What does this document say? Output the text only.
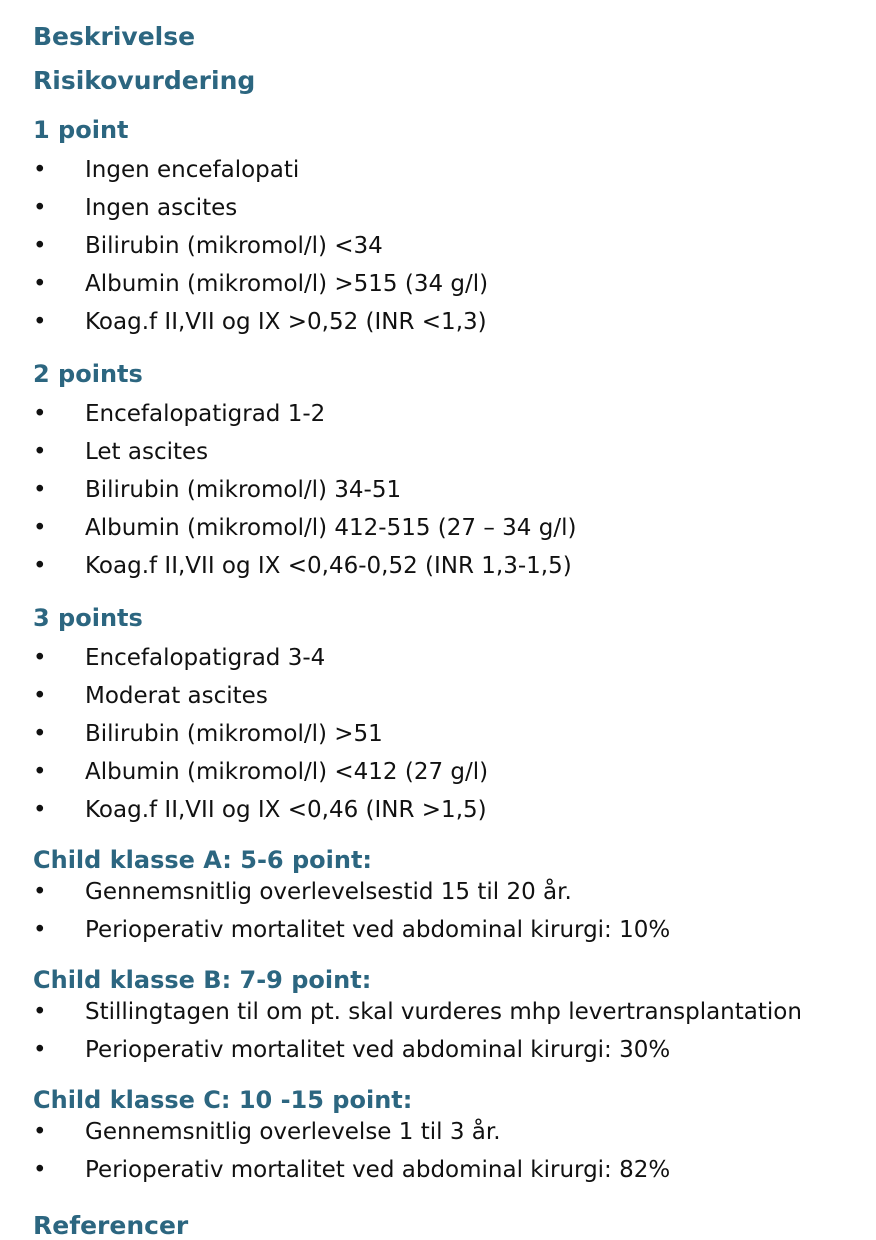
Beskrivelse
Risikovurdering
1 point
•	Ingen encefalopati
•	Ingen ascites
•	Bilirubin (mikromol/l) <34
•	Albumin (mikromol/l) >515 (34 g/l)
•	Koag.f II,VII og IX >0,52 (INR <1,3)
2 points
•	Encefalopatigrad 1-2
•	Let ascites
•	Bilirubin (mikromol/l) 34-51
•	Albumin (mikromol/l) 412-515 (27 – 34 g/l)
•	Koag.f II,VII og IX <0,46-0,52 (INR 1,3-1,5)
3 points
•	Encefalopatigrad 3-4
•	Moderat ascites
•	Bilirubin (mikromol/l) >51
•	Albumin (mikromol/l) <412 (27 g/l)
•	Koag.f II,VII og IX <0,46 (INR >1,5)
Child klasse A: 5-6 point:
•	Gennemsnitlig overlevelsestid 15 til 20 år.
•	Perioperativ mortalitet ved abdominal kirurgi: 10%
Child klasse B: 7-9 point:
•	Stillingtagen til om pt. skal vurderes mhp levertransplantation
•	Perioperativ mortalitet ved abdominal kirurgi: 30%
Child klasse C: 10 -15 point:
•	Gennemsnitlig overlevelse 1 til 3 år.
•	Perioperativ mortalitet ved abdominal kirurgi: 82%
Referencer
